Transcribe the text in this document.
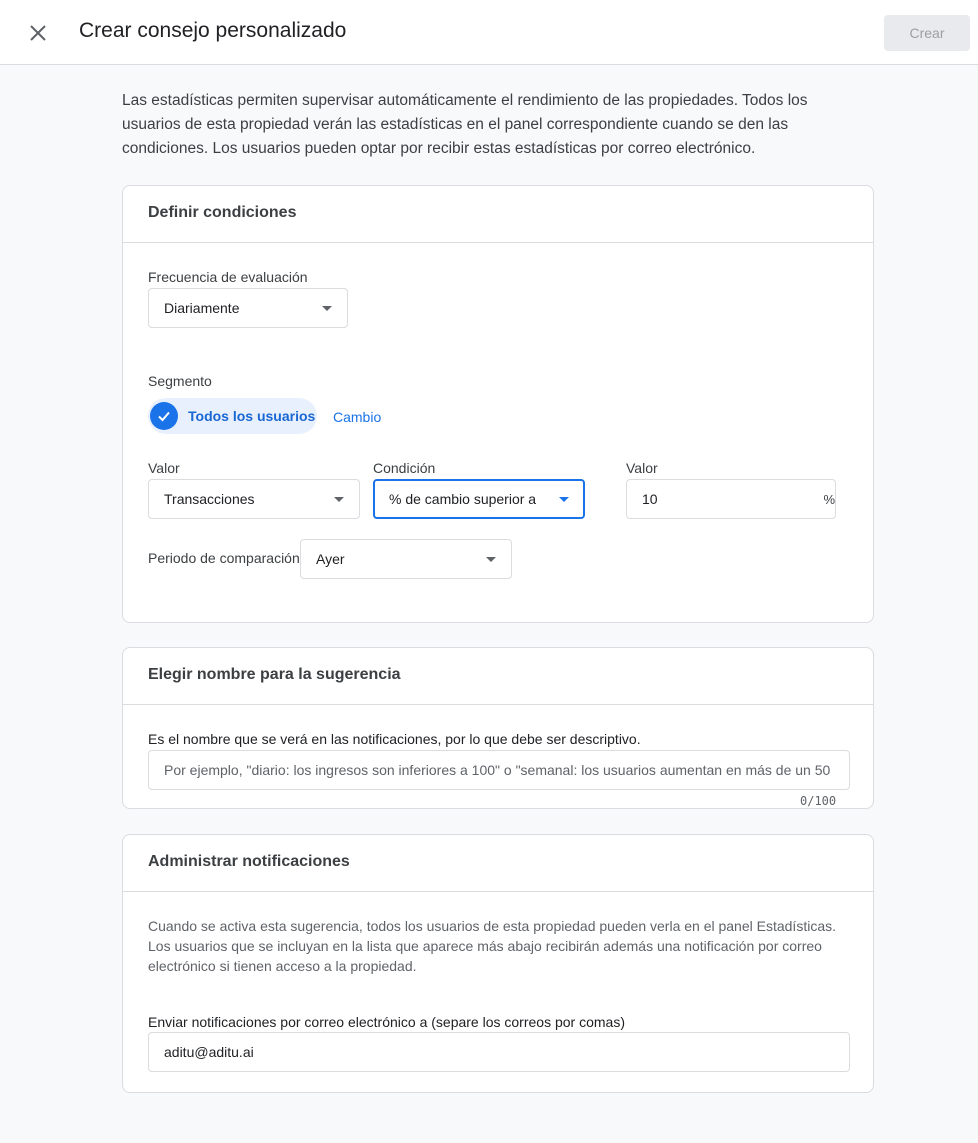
Crear consejo personalizado	Crear
Las estadísticas permiten supervisar automáticamente el rendimiento de las propiedades. Todos los usuarios de esta propiedad verán las estadísticas en el panel correspondiente cuando se den las condiciones. Los usuarios pueden optar por recibir estas estadísticas por correo electrónico.
Definir condiciones
Frecuencia de evaluación
Diariamente
Segmento
Todos los usuarios Cambio
Valor
Transacciones
Condición
% de cambio superior a
Valor
10	%
Periodo de comparación Ayer
Elegir nombre para la sugerencia
Es el nombre que se verá en las notificaciones, por lo que debe ser descriptivo.
Por ejemplo, "diario: los ingresos son inferiores a 100" o "semanal: los usuarios aumentan en más de un 50
0/100
Administrar notificaciones
Cuando se activa esta sugerencia, todos los usuarios de esta propiedad pueden verla en el panel Estadísticas. Los usuarios que se incluyan en la lista que aparece más abajo recibirán además una notificación por correo electrónico si tienen acceso a la propiedad.
Enviar notificaciones por correo electrónico a (separe los correos por comas)
aditu@aditu.ai
